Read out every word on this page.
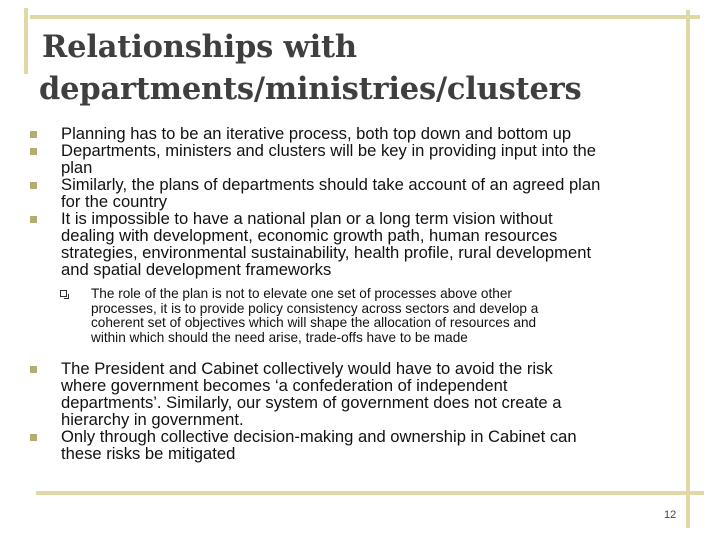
Relationships with
departments/ministries/clusters
Planning has to be an iterative process, both top down and bottom up
Departments, ministers and clusters will be key in providing input into the
plan
Similarly, the plans of departments should take account of an agreed plan
for the country
It is impossible to have a national plan or a long term vision without
dealing with development, economic growth path, human resources
strategies, environmental sustainability, health profile, rural development
and spatial development frameworks
The role of the plan is not to elevate one set of processes above other
processes, it is to provide policy consistency across sectors and develop a
coherent set of objectives which will shape the allocation of resources and
within which should the need arise, trade-offs have to be made
The President and Cabinet collectively would have to avoid the risk
where government becomes ‘a confederation of independent
departments’. Similarly, our system of government does not create a
hierarchy in government.
Only through collective decision-making and ownership in Cabinet can
these risks be mitigated
12
